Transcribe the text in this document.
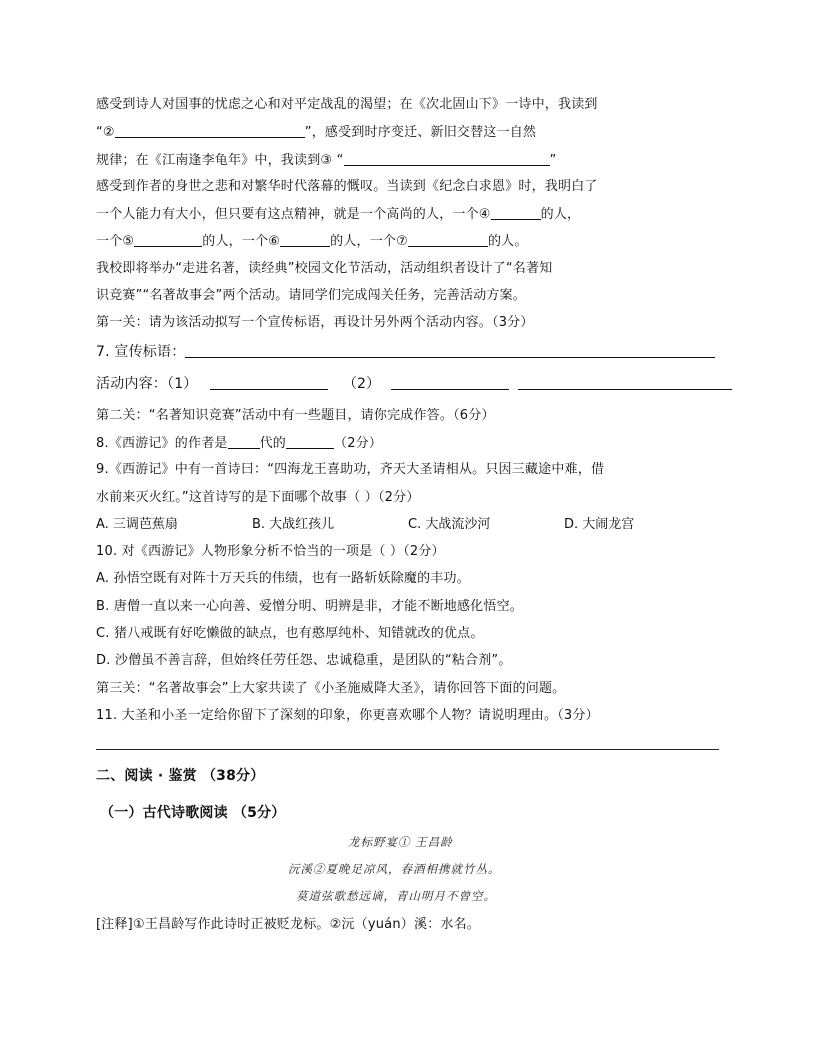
感受到诗人对国事的忧虑之心和对平定战乱的渴望；在《次北固山下》一诗中，我读到
“②	”，感受到时序变迁、新旧交替这一自然
规律；在《江南逢李龟年》中，我读到③ “	”
感受到作者的身世之悲和对繁华时代落幕的慨叹。当读到《纪念白求恩》时，我明白了
一个人能力有大小，但只要有这点精神，就是一个高尚的人，一个④	的人，
一个⑤	的人，一个⑥	的人，一个⑦	的人。
我校即将举办“走进名著，读经典”校园文化节活动，活动组织者设计了“名著知
识竞赛”“名著故事会”两个活动。请同学们完成闯关任务，完善活动方案。
第一关：请为该活动拟写一个宣传标语，再设计另外两个活动内容。（3分）
7. 宣传标语：
活动内容：（1）	（2）
第二关：“名著知识竞赛”活动中有一些题目，请你完成作答。（6分）
8.《西游记》的作者是 代的	（2分）
9.《西游记》中有一首诗曰：“四海龙王喜助功，齐天大圣请相从。只因三藏途中难，借
水前来灭火红。”这首诗写的是下面哪个故事（ ）（2分）
A. 三调芭蕉扇	B. 大战红孩儿	C. 大战流沙河	D. 大闹龙宫
10. 对《西游记》人物形象分析不恰当的一项是（ ）（2分）
A. 孙悟空既有对阵十万天兵的伟绩，也有一路斩妖除魔的丰功。
B. 唐僧一直以来一心向善、爱憎分明、明辨是非，才能不断地感化悟空。
C. 猪八戒既有好吃懒做的缺点，也有憨厚纯朴、知错就改的优点。
D. 沙僧虽不善言辞，但始终任劳任怨、忠诚稳重，是团队的“粘合剂”。
第三关：“名著故事会”上大家共读了《小圣施威降大圣》，请你回答下面的问题。
11. 大圣和小圣一定给你留下了深刻的印象，你更喜欢哪个人物？请说明理由。（3分）
二、阅读 · 鉴赏 （38分）
（一）古代诗歌阅读 （5分）
龙标野宴① 王昌龄
沅溪②夏晚足凉风，春酒相携就竹丛。
莫道弦歌愁远谪，青山明月不曾空。
[注释]①王昌龄写作此诗时正被贬龙标。②沅（yuán）溪：水名。
